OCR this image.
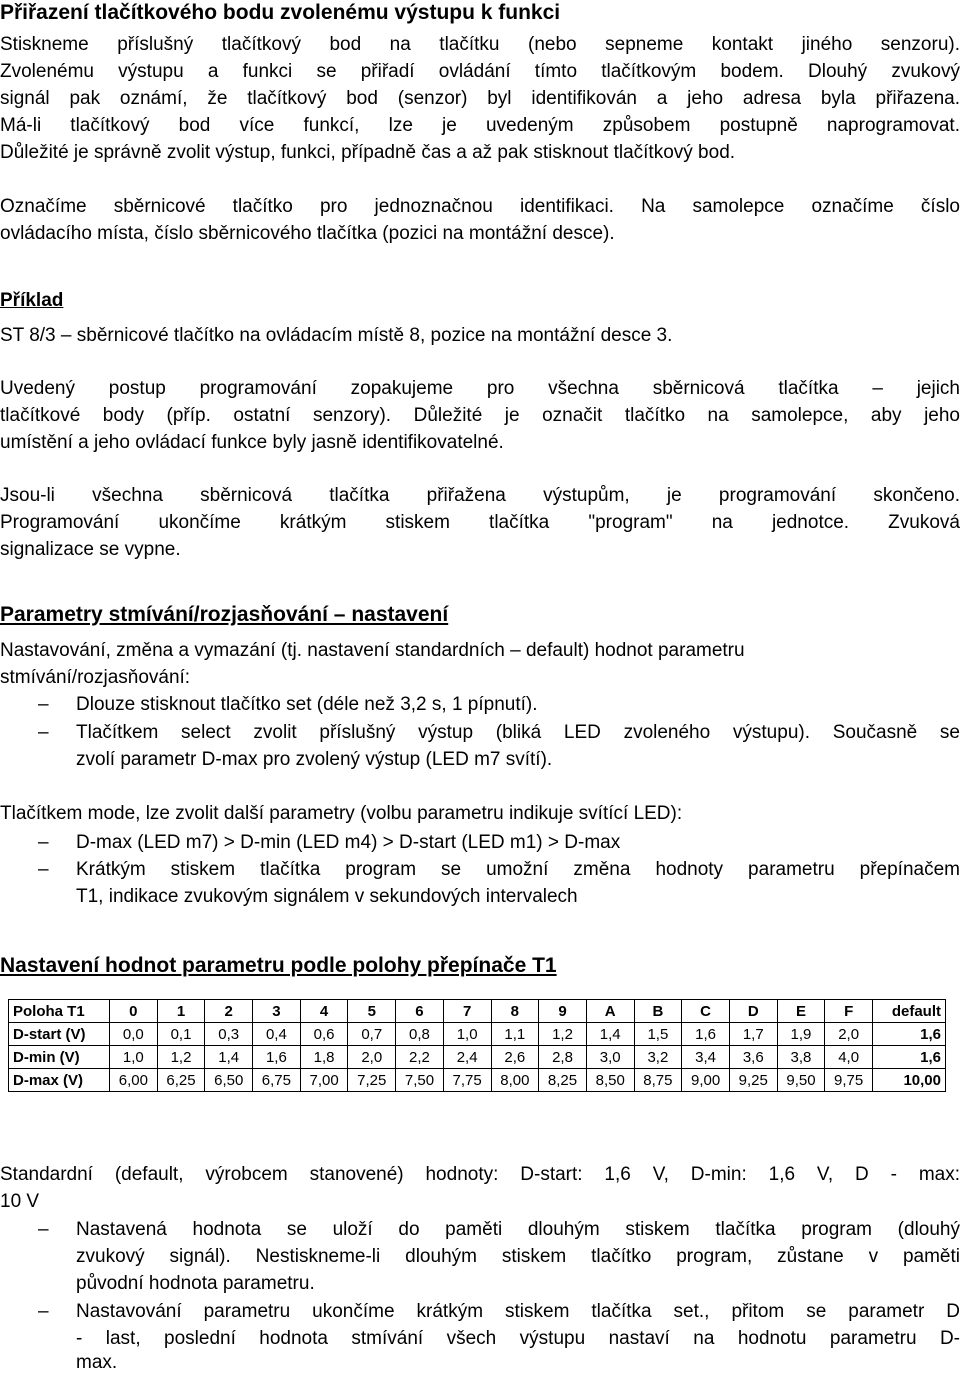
Přiřazení tlačítkového bodu zvolenému výstupu k funkci
Stiskneme příslušný tlačítkový bod na tlačítku (nebo sepneme kontakt jiného senzoru).
Zvolenému výstupu a funkci se přiřadí ovládání tímto tlačítkovým bodem. Dlouhý zvukový
signál pak oznámí, že tlačítkový bod (senzor) byl identifikován a jeho adresa byla přiřazena.
Má-li tlačítkový bod více funkcí, lze je uvedeným způsobem postupně naprogramovat.
Důležité je správně zvolit výstup, funkci, případně čas a až pak stisknout tlačítkový bod.
Označíme sběrnicové tlačítko pro jednoznačnou identifikaci. Na samolepce označíme číslo
ovládacího místa, číslo sběrnicového tlačítka (pozici na montážní desce).
Příklad
ST 8/3 – sběrnicové tlačítko na ovládacím místě 8, pozice na montážní desce 3.
Uvedený postup programování zopakujeme pro všechna sběrnicová tlačítka – jejich
tlačítkové body (příp. ostatní senzory). Důležité je označit tlačítko na samolepce, aby jeho
umístění a jeho ovládací funkce byly jasně identifikovatelné.
Jsou-li všechna sběrnicová tlačítka přiřažena výstupům, je programování skončeno.
Programování ukončíme krátkým stiskem tlačítka "program" na jednotce. Zvuková
signalizace se vypne.
Parametry stmívání/rozjasňování – nastavení
Nastavování, změna a vymazání (tj. nastavení standardních – default) hodnot parametru
stmívání/rozjasňování:
– Dlouze stisknout tlačítko set (déle než 3,2 s, 1 pípnutí).
– Tlačítkem select zvolit příslušný výstup (bliká LED zvoleného výstupu). Současně se
zvolí parametr D-max pro zvolený výstup (LED m7 svítí).
Tlačítkem mode, lze zvolit další parametry (volbu parametru indikuje svítící LED):
– D-max (LED m7) > D-min (LED m4) > D-start (LED m1) > D-max
– Krátkým stiskem tlačítka program se umožní změna hodnoty parametru přepínačem
T1, indikace zvukovým signálem v sekundových intervalech
Nastavení hodnot parametru podle polohy přepínače T1
Poloha T1	0	1	2	3	4	5	6	7	8	9	A	B	C	D	E	F	default
D-start (V)	0,0	0,1	0,3	0,4	0,6	0,7	0,8	1,0	1,1	1,2	1,4	1,5	1,6	1,7	1,9	2,0	1,6
D-min (V)	1,0	1,2	1,4	1,6	1,8	2,0	2,2	2,4	2,6	2,8	3,0	3,2	3,4	3,6	3,8	4,0	1,6
D-max (V)	6,00	6,25	6,50	6,75	7,00	7,25	7,50	7,75	8,00	8,25	8,50	8,75	9,00	9,25	9,50	9,75	10,00
Standardní (default, výrobcem stanovené) hodnoty: D-start: 1,6 V, D-min: 1,6 V, D - max:
10 V
– Nastavená hodnota se uloží do paměti dlouhým stiskem tlačítka program (dlouhý
zvukový signál). Nestiskneme-li dlouhým stiskem tlačítko program, zůstane v paměti
původní hodnota parametru.
– Nastavování parametru ukončíme krátkým stiskem tlačítka set., přitom se parametr D
- last, poslední hodnota stmívání všech výstupu nastaví na hodnotu parametru D-
max.
